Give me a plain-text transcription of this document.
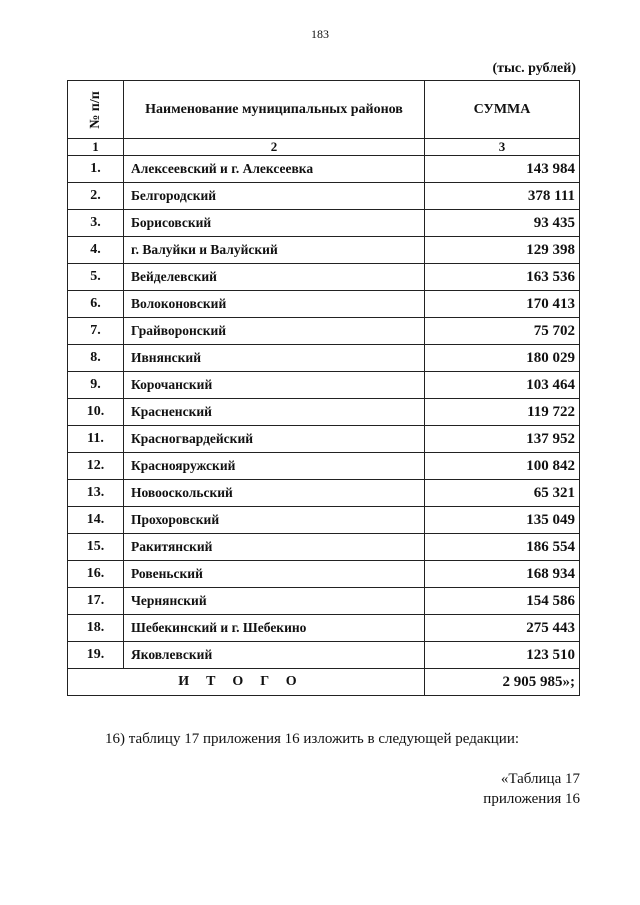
183
(тыс. рублей)
№ п/п	Наименование муниципальных районов	СУММА
1	2	3
1.	Алексеевский и г. Алексеевка	143 984
2.	Белгородский	378 111
3.	Борисовский	93 435
4.	г. Валуйки и Валуйский	129 398
5.	Вейделевский	163 536
6.	Волоконовский	170 413
7.	Грайворонский	75 702
8.	Ивнянский	180 029
9.	Корочанский	103 464
10.	Красненский	119 722
11.	Красногвардейский	137 952
12.	Краснояружский	100 842
13.	Новооскольский	65 321
14.	Прохоровский	135 049
15.	Ракитянский	186 554
16.	Ровеньский	168 934
17.	Чернянский	154 586
18.	Шебекинский и г. Шебекино	275 443
19.	Яковлевский	123 510
ИТОГО		2 905 985»;
16) таблицу 17 приложения 16 изложить в следующей редакции:
«Таблица 17
приложения 16
